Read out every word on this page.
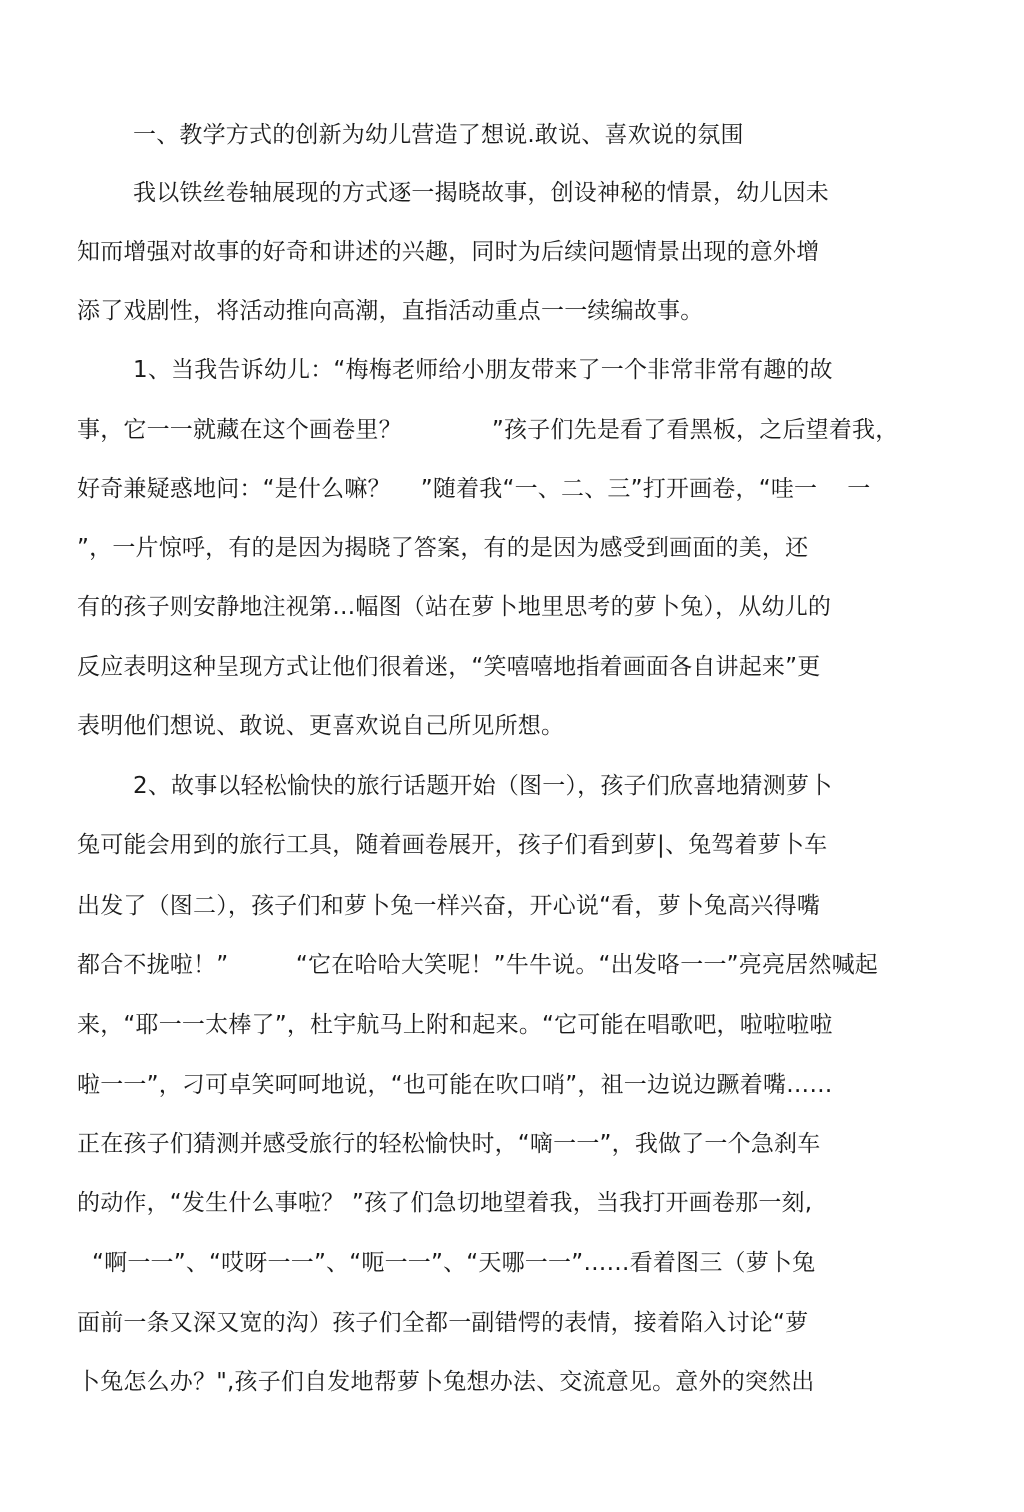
一、教学方式的创新为幼儿营造了想说.敢说、喜欢说的氛围
我以铁丝卷轴展现的方式逐一揭晓故事，创设神秘的情景，幼儿因未
知而增强对故事的好奇和讲述的兴趣，同时为后续问题情景出现的意外增
添了戏剧性，将活动推向高潮，直指活动重点一一续编故事。
1、当我告诉幼儿：“梅梅老师给小朋友带来了一个非常非常有趣的故
事，它一一就藏在这个画卷里？            ”孩子们先是看了看黑板，之后望着我，
好奇兼疑惑地问：“是什么嘛？    ”随着我“一、二、三”打开画卷，“哇一    一
”，一片惊呼，有的是因为揭晓了答案，有的是因为感受到画面的美，还
有的孩子则安静地注视第…幅图（站在萝卜地里思考的萝卜兔），从幼儿的
反应表明这种呈现方式让他们很着迷，“笑嘻嘻地指着画面各自讲起来”更
表明他们想说、敢说、更喜欢说自己所见所想。
2、故事以轻松愉快的旅行话题开始（图一），孩子们欣喜地猜测萝卜
兔可能会用到的旅行工具，随着画卷展开，孩子们看到萝|、兔驾着萝卜车
出发了（图二），孩子们和萝卜兔一样兴奋，开心说“看，萝卜兔高兴得嘴
都合不拢啦！”         “它在哈哈大笑呢！”牛牛说。“出发咯一一”亮亮居然喊起
来，“耶一一太棒了”，杜宇航马上附和起来。“它可能在唱歌吧，啦啦啦啦
啦一一”，刁可卓笑呵呵地说，“也可能在吹口哨”，祖一边说边蹶着嘴……
正在孩子们猜测并感受旅行的轻松愉快时，“嘀一一”，我做了一个急刹车
的动作，“发生什么事啦？ ”孩了们急切地望着我，当我打开画卷那一刻,
“啊一一”、“哎呀一一”、“呃一一”、“天哪一一”……看着图三（萝卜兔
面前一条又深又宽的沟）孩子们全都一副错愕的表情，接着陷入讨论“萝
卜兔怎么办？",孩子们自发地帮萝卜兔想办法、交流意见。意外的突然出
